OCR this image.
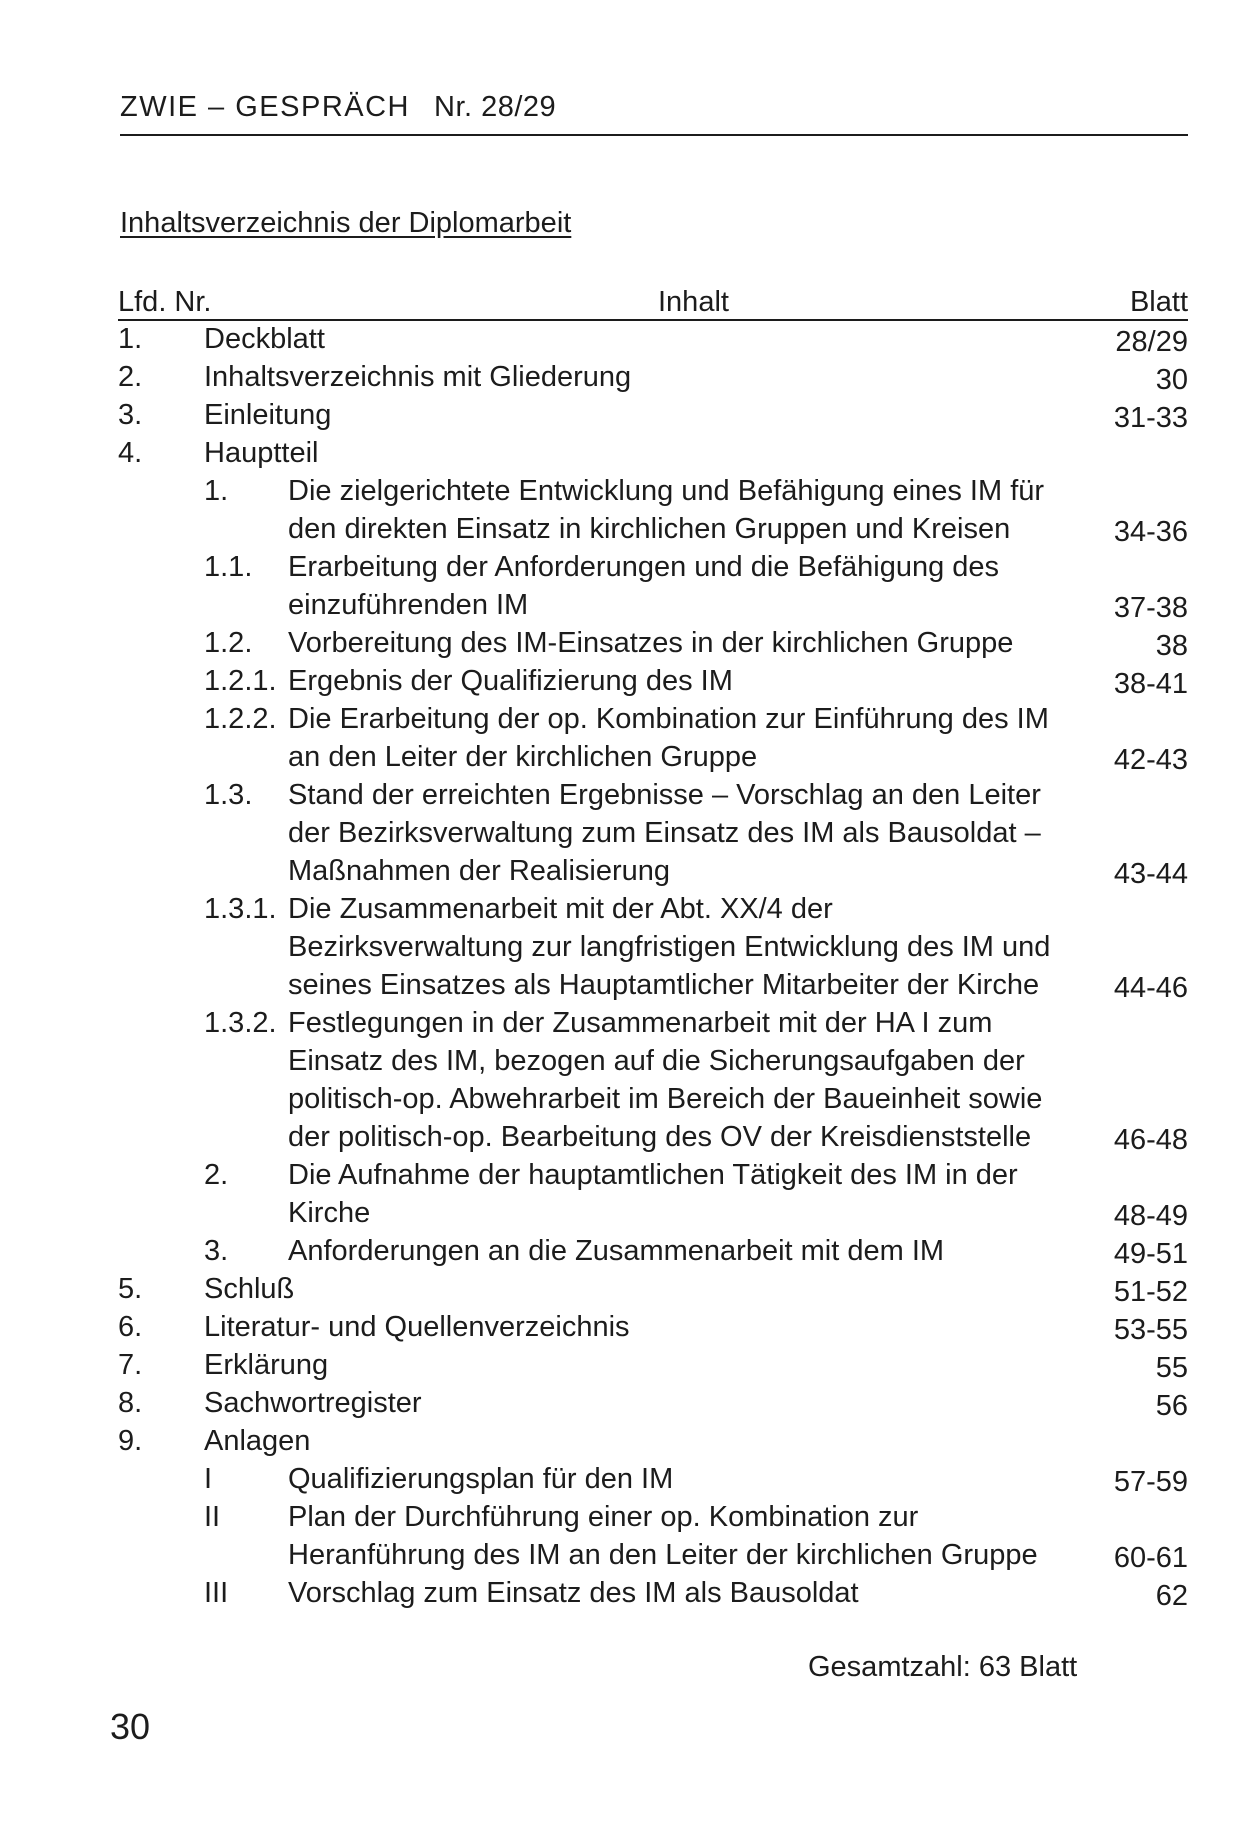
ZWIE – GESPRÄCH Nr. 28/29
Inhaltsverzeichnis der Diplomarbeit
Lfd. Nr.	Inhalt	Blatt
1. Deckblatt	28/29
2. Inhaltsverzeichnis mit Gliederung	30
3. Einleitung	31-33
4. Hauptteil
1. Die zielgerichtete Entwicklung und Befähigung eines IM für den direkten Einsatz in kirchlichen Gruppen und Kreisen	34-36
1.1. Erarbeitung der Anforderungen und die Befähigung des einzuführenden IM	37-38
1.2. Vorbereitung des IM-Einsatzes in der kirchlichen Gruppe	38
1.2.1. Ergebnis der Qualifizierung des IM	38-41
1.2.2. Die Erarbeitung der op. Kombination zur Einführung des IM an den Leiter der kirchlichen Gruppe	42-43
1.3. Stand der erreichten Ergebnisse – Vorschlag an den Leiter der Bezirksverwaltung zum Einsatz des IM als Bausoldat – Maßnahmen der Realisierung	43-44
1.3.1. Die Zusammenarbeit mit der Abt. XX/4 der Bezirksverwaltung zur langfristigen Entwicklung des IM und seines Einsatzes als Hauptamtlicher Mitarbeiter der Kirche	44-46
1.3.2. Festlegungen in der Zusammenarbeit mit der HA I zum Einsatz des IM, bezogen auf die Sicherungsaufgaben der politisch-op. Abwehrarbeit im Bereich der Baueinheit sowie der politisch-op. Bearbeitung des OV der Kreisdienststelle	46-48
2. Die Aufnahme der hauptamtlichen Tätigkeit des IM in der Kirche	48-49
3. Anforderungen an die Zusammenarbeit mit dem IM	49-51
5. Schluß	51-52
6. Literatur- und Quellenverzeichnis	53-55
7. Erklärung	55
8. Sachwortregister	56
9. Anlagen
I	Qualifizierungsplan für den IM	57-59
II Plan der Durchführung einer op. Kombination zur Heranführung des IM an den Leiter der kirchlichen Gruppe	60-61
III Vorschlag zum Einsatz des IM als Bausoldat	62
Gesamtzahl: 63 Blatt
30
